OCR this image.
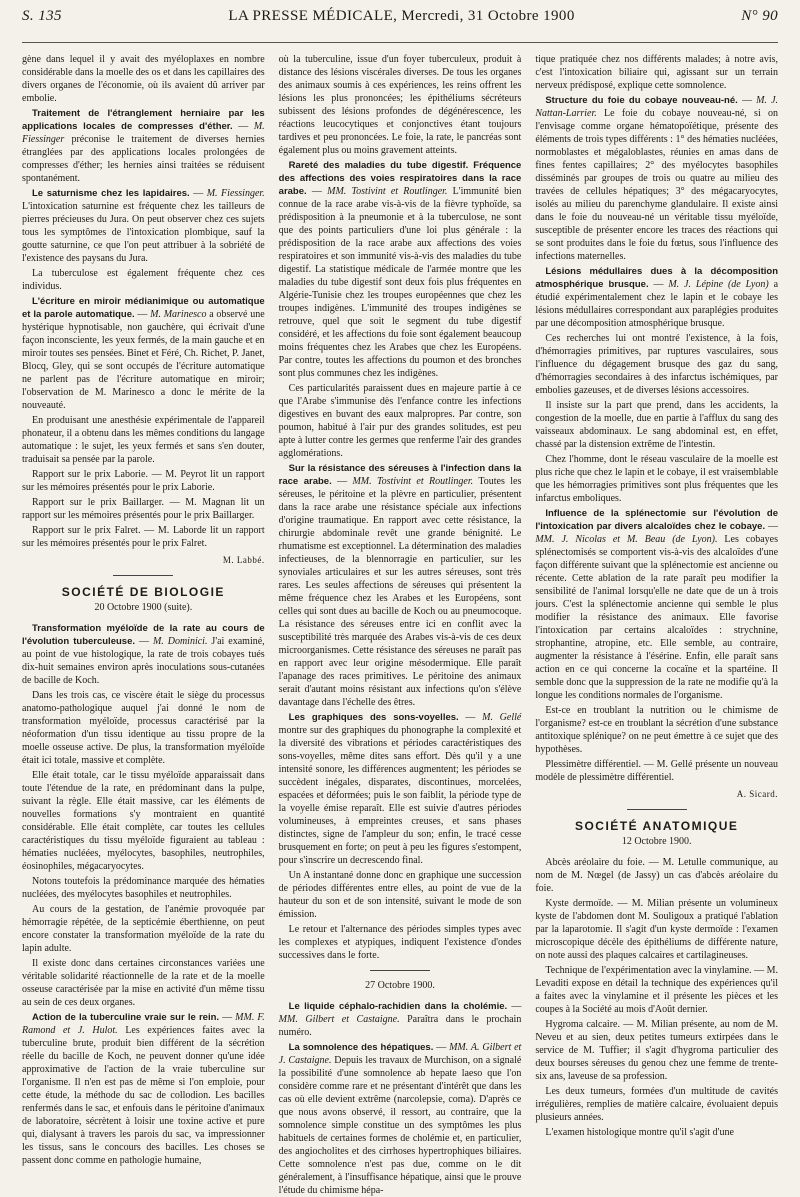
S. 135	LA PRESSE MÉDICALE, Mercredi, 31 Octobre 1900	N° 90

gène dans lequel il y avait des myéloplaxes en nombre considérable dans la moelle des os et dans les capillaires des divers organes de l'économie, où ils avaient dû arriver par embolie.

Traitement de l'étranglement herniaire par les applications locales de compresses d'éther. — M. Fiessinger préconise le traitement de diverses hernies étranglées par des applications locales prolongées de compresses d'éther; les hernies ainsi traitées se réduisent spontanément.

Le saturnisme chez les lapidaires. — M. Fiessinger. L'intoxication saturnine est fréquente chez les tailleurs de pierres précieuses du Jura. On peut observer chez ces sujets tous les symptômes de l'intoxication plombique, sauf la goutte saturnine, ce que l'on peut attribuer à la sobriété de l'existence des paysans du Jura.

La tuberculose est également fréquente chez ces individus.

L'écriture en miroir médianimique ou automatique et la parole automatique. — M. Marinesco a observé une hystérique hypnotisable, non gauchère, qui écrivait d'une façon inconsciente, les yeux fermés, de la main gauche et en miroir toutes ses pensées. Binet et Féré, Ch. Richet, P. Janet, Blocq, Gley, qui se sont occupés de l'écriture automatique ne parlent pas de l'écriture automatique en miroir; l'observation de M. Marinesco a donc le mérite de la nouveauté.

En produisant une anesthésie expérimentale de l'appareil phonateur, il a obtenu dans les mêmes conditions du langage automatique : le sujet, les yeux fermés et sans s'en douter, traduisait sa pensée par la parole.

Rapport sur le prix Laborie. — M. Peyrot lit un rapport sur les mémoires présentés pour le prix Laborie.

Rapport sur le prix Baillarger. — M. Magnan lit un rapport sur les mémoires présentés pour le prix Baillarger.

Rapport sur le prix Falret. — M. Laborde lit un rapport sur les mémoires présentés pour le prix Falret.

M. Labbé.
SOCIÉTÉ DE BIOLOGIE
20 Octobre 1900 (suite).

Transformation myéloïde de la rate au cours de l'évolution tuberculeuse. — M. Dominici. J'ai examiné, au point de vue histologique, la rate de trois cobayes tués dix-huit semaines environ après inoculations sous-cutanées de bacille de Koch.

Dans les trois cas, ce viscère était le siège du processus anatomo-pathologique auquel j'ai donné le nom de transformation myéloïde, processus caractérisé par la néoformation d'un tissu identique au tissu propre de la moelle osseuse active. De plus, la transformation myéloïde était ici totale, massive et complète.

Elle était totale, car le tissu myéloïde apparaissait dans toute l'étendue de la rate, en prédominant dans la pulpe, suivant la règle. Elle était massive, car les éléments de nouvelles formations s'y montraient en quantité considérable. Elle était complète, car toutes les cellules caractéristiques du tissu myéloïde figuraient au tableau : hématies nucléées, myélocytes, basophiles, neutrophiles, éosinophiles, mégacaryocytes.

Notons toutefois la prédominance marquée des hématies nucléées, des myélocytes basophiles et neutrophiles.

Au cours de la gestation, de l'anémie provoquée par hémorragie répétée, de la septicémie éberthienne, on peut encore constater la transformation myéloïde de la rate du lapin adulte.

Il existe donc dans certaines circonstances variées une véritable solidarité réactionnelle de la rate et de la moelle osseuse caractérisée par la mise en activité d'un même tissu au sein de ces deux organes.

Action de la tuberculine vraie sur le rein. — MM. F. Ramond et J. Hulot. Les expériences faites avec la tuberculine brute, produit bien différent de la sécrétion réelle du bacille de Koch, ne peuvent donner qu'une idée approximative de l'action de la vraie tuberculine sur l'organisme. Il n'en est pas de même si l'on emploie, pour cette étude, la méthode du sac de collodion. Les bacilles renfermés dans le sac, et enfouis dans le péritoine d'animaux de laboratoire, sécrètent à loisir une toxine active et pure qui, dialysant à travers les parois du sac, va impressionner les tissus, sans le concours des bacilles. Les choses se passent donc comme en pathologie humaine,

où la tuberculine, issue d'un foyer tuberculeux, produit à distance des lésions viscérales diverses. De tous les organes des animaux soumis à ces expériences, les reins offrent les lésions les plus prononcées; les épithéliums sécréteurs subissent des lésions profondes de dégénérescence, les réactions leucocytiques et conjonctives étant toujours tardives et peu prononcées. Le foie, la rate, le pancréas sont également plus ou moins gravement atteints.

Rareté des maladies du tube digestif. Fréquence des affections des voies respiratoires dans la race arabe. — MM. Tostivint et Routlinger. L'immunité bien connue de la race arabe vis-à-vis de la fièvre typhoïde, sa prédisposition à la pneumonie et à la tuberculose, ne sont que des points particuliers d'une loi plus générale : la prédisposition de la race arabe aux affections des voies respiratoires et son immunité vis-à-vis des maladies du tube digestif. La statistique médicale de l'armée montre que les maladies du tube digestif sont deux fois plus fréquentes en Algérie-Tunisie chez les troupes européennes que chez les troupes indigènes. L'immunité des troupes indigènes se retrouve, quel que soit le segment du tube digestif considéré, et les affections du foie sont également beaucoup moins fréquentes chez les Arabes que chez les Européens. Par contre, toutes les affections du poumon et des bronches sont plus communes chez les indigènes.

Ces particularités paraissent dues en majeure partie à ce que l'Arabe s'immunise dès l'enfance contre les infections digestives en buvant des eaux malpropres. Par contre, son poumon, habitué à l'air pur des grandes solitudes, est peu apte à lutter contre les germes que renferme l'air des grandes agglomérations.

Sur la résistance des séreuses à l'infection dans la race arabe. — MM. Tostivint et Routlinger. Toutes les séreuses, le péritoine et la plèvre en particulier, présentent dans la race arabe une résistance spéciale aux infections d'origine traumatique. En rapport avec cette résistance, la chirurgie abdominale revêt une grande bénignité. Le rhumatisme est exceptionnel. La détermination des maladies infectieuses, de la blennorragie en particulier, sur les synoviales articulaires et sur les autres séreuses, sont très rares. Les seules affections de séreuses qui présentent la même fréquence chez les Arabes et les Européens, sont celles qui sont dues au bacille de Koch ou au pneumocoque. La résistance des séreuses entre ici en conflit avec la susceptibilité très marquée des Arabes vis-à-vis de ces deux microorganismes. Cette résistance des séreuses ne paraît pas en rapport avec leur origine mésodermique. Elle paraît l'apanage des races primitives. Le péritoine des animaux serait d'autant moins résistant aux infections qu'on s'élève davantage dans l'échelle des êtres.

Les graphiques des sons-voyelles. — M. Gellé montre sur des graphiques du phonographe la complexité et la diversité des vibrations et périodes caractéristiques des sons-voyelles, même dites sans effort. Dès qu'il y a une intensité sonore, les différences augmentent; les périodes se succèdent inégales, disparates, discontinues, morcelées, espacées et déformées; puis le son faiblit, la période type de la voyelle émise reparaît. Elle est suivie d'autres périodes volumineuses, à empreintes creuses, et sans phases distinctes, signe de l'ampleur du son; enfin, le tracé cesse brusquement en forte; on peut à peu les figures s'estompent, pour s'inscrire un decrescendo final.

Un A instantané donne donc en graphique une succession de périodes différentes entre elles, au point de vue de la hauteur du son et de son intensité, suivant le mode de son émission.

Le retour et l'alternance des périodes simples types avec les complexes et atypiques, indiquent l'existence d'ondes successives dans le forte.

27 Octobre 1900.

Le liquide céphalo-rachidien dans la cholémie. — MM. Gilbert et Castaigne. Paraîtra dans le prochain numéro.

La somnolence des hépatiques. — MM. A. Gilbert et J. Castaigne. Depuis les travaux de Murchison, on a signalé la possibilité d'une somnolence ab hepate laeso que l'on considère comme rare et ne présentant d'intérêt que dans les cas où elle devient extrême (narcolepsie, coma). D'après ce que nous avons observé, il ressort, au contraire, que la somnolence simple constitue un des symptômes les plus habituels de certaines formes de cholémie et, en particulier, des angiocholites et des cirrhoses hypertrophiques biliaires. Cette somnolence n'est pas due, comme on le dit généralement, à l'insuffisance hépatique, ainsi que le prouve l'étude du chimisme hépa-

tique pratiquée chez nos différents malades; à notre avis, c'est l'intoxication biliaire qui, agissant sur un terrain nerveux prédisposé, explique cette somnolence.

Structure du foie du cobaye nouveau-né. — M. J. Nattan-Larrier. Le foie du cobaye nouveau-né, si on l'envisage comme organe hématopoïétique, présente des éléments de trois types différents : 1° des hématies nucléées, normoblastes et mégaloblastes, réunies en amas dans de fines fentes capillaires; 2° des myélocytes basophiles disséminés par groupes de trois ou quatre au milieu des travées de cellules hépatiques; 3° des mégacaryocytes, isolés au milieu du parenchyme glandulaire. Il existe ainsi dans le foie du nouveau-né un véritable tissu myéloïde, susceptible de présenter encore les traces des réactions qui se sont produites dans le foie du fœtus, sous l'influence des infections maternelles.

Lésions médullaires dues à la décomposition atmosphérique brusque. — M. J. Lépine (de Lyon) a étudié expérimentalement chez le lapin et le cobaye les lésions médullaires correspondant aux paraplégies produites par une décomposition atmosphérique brusque.

Ces recherches lui ont montré l'existence, à la fois, d'hémorragies primitives, par ruptures vasculaires, sous l'influence du dégagement brusque des gaz du sang, d'hémorragies secondaires à des infarctus ischémiques, par embolies gazeuses, et de diverses lésions accessoires.

Il insiste sur la part que prend, dans les accidents, la congestion de la moelle, due en partie à l'afflux du sang des vaisseaux abdominaux. Le sang abdominal est, en effet, chassé par la distension extrême de l'intestin.

Chez l'homme, dont le réseau vasculaire de la moelle est plus riche que chez le lapin et le cobaye, il est vraisemblable que les hémorragies primitives sont plus fréquentes que les infarctus emboliques.

Influence de la splénectomie sur l'évolution de l'intoxication par divers alcaloïdes chez le cobaye. — MM. J. Nicolas et M. Beau (de Lyon). Les cobayes splénectomisés se comportent vis-à-vis des alcaloïdes d'une façon différente suivant que la splénectomie est ancienne ou récente. Cette ablation de la rate paraît peu modifier la sensibilité de l'animal lorsqu'elle ne date que de un à trois jours. C'est la splénectomie ancienne qui semble le plus modifier la résistance des animaux. Elle favorise l'intoxication par certains alcaloïdes : strychnine, strophantine, atropine, etc. Elle semble, au contraire, augmenter la résistance à l'ésérine. Enfin, elle paraît sans action en ce qui concerne la cocaïne et la spartéine. Il semble donc que la suppression de la rate ne modifie qu'à la longue les conditions normales de l'organisme.

Est-ce en troublant la nutrition ou le chimisme de l'organisme? est-ce en troublant la sécrétion d'une substance antitoxique splénique? on ne peut émettre à ce sujet que des hypothèses.

Plessimètre différentiel. — M. Gellé présente un nouveau modèle de plessimètre différentiel.

A. Sicard.
SOCIÉTÉ ANATOMIQUE
12 Octobre 1900.

Abcès aréolaire du foie. — M. Letulle communique, au nom de M. Nœgel (de Jassy) un cas d'abcès aréolaire du foie.

Kyste dermoïde. — M. Milian présente un volumineux kyste de l'abdomen dont M. Souligoux a pratiqué l'ablation par la laparotomie. Il s'agit d'un kyste dermoïde : l'examen microscopique décèle des épithéliums de différente nature, on note aussi des plaques calcaires et cartilagineuses.

Technique de l'expérimentation avec la vinylamine. — M. Levaditi expose en détail la technique des expériences qu'il a faites avec la vinylamine et il présente les pièces et les coupes à la Société au mois d'Août dernier.

Hygroma calcaire. — M. Milian présente, au nom de M. Neveu et au sien, deux petites tumeurs extirpées dans le service de M. Tuffier; il s'agit d'hygroma particulier des deux bourses séreuses du genou chez une femme de trente-six ans, laveuse de sa profession.

Les deux tumeurs, formées d'un multitude de cavités irrégulières, remplies de matière calcaire, évoluaient depuis plusieurs années.

L'examen histologique montre qu'il s'agit d'une
